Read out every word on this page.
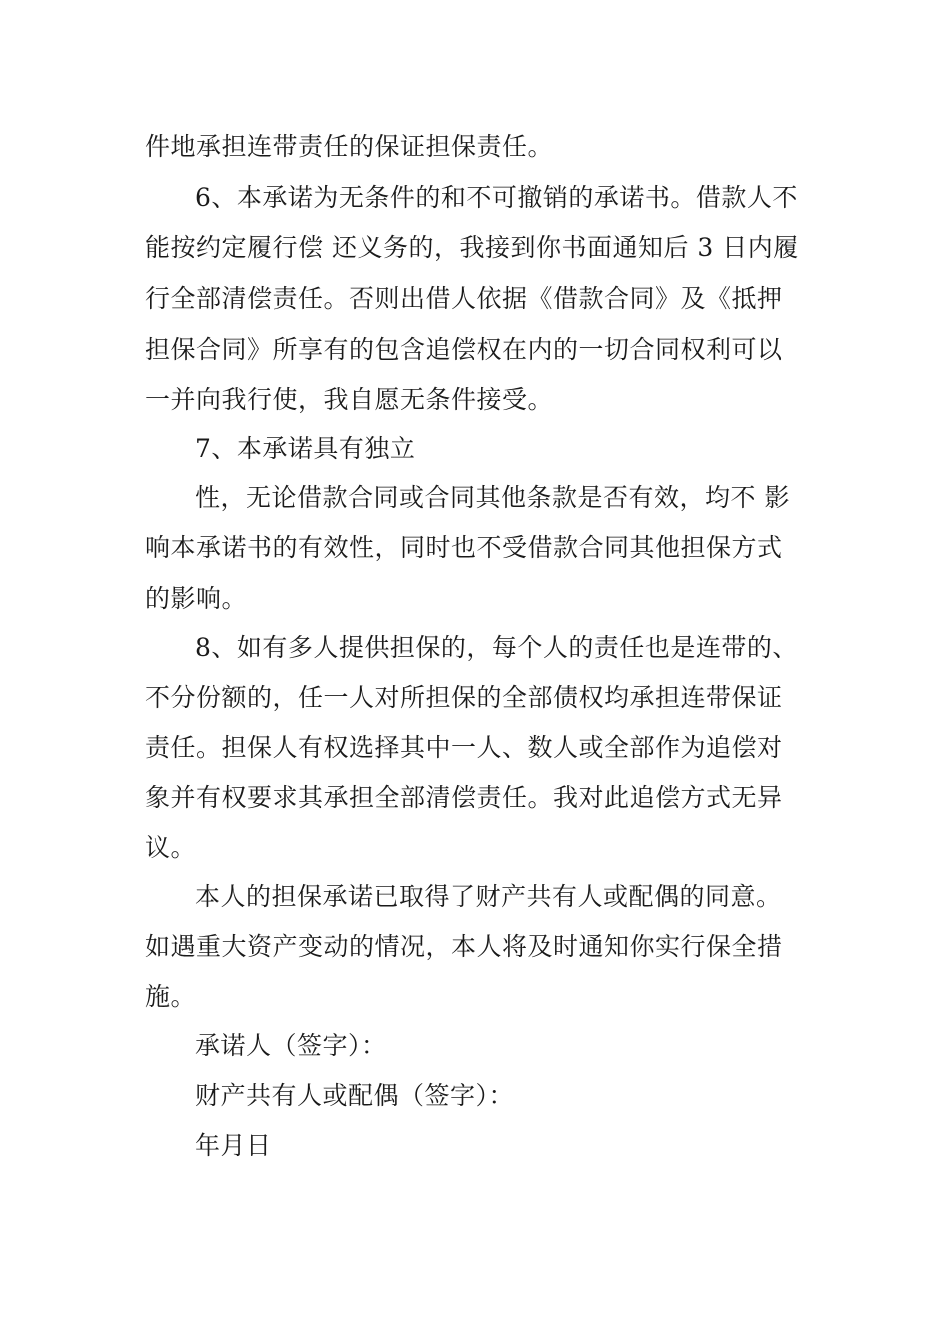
件地承担连带责任的保证担保责任。
6、本承诺为无条件的和不可撤销的承诺书。借款人不
能按约定履行偿 还义务的，我接到你书面通知后 3 日内履
行全部清偿责任。否则出借人依据《借款合同》及《抵押
担保合同》所享有的包含追偿权在内的一切合同权利可以
一并向我行使，我自愿无条件接受。
7、本承诺具有独立
性，无论借款合同或合同其他条款是否有效，均不 影
响本承诺书的有效性，同时也不受借款合同其他担保方式
的影响。
8、如有多人提供担保的，每个人的责任也是连带的、
不分份额的，任一人对所担保的全部债权均承担连带保证
责任。担保人有权选择其中一人、数人或全部作为追偿对
象并有权要求其承担全部清偿责任。我对此追偿方式无异
议。
本人的担保承诺已取得了财产共有人或配偶的同意。
如遇重大资产变动的情况，本人将及时通知你实行保全措
施。
承诺人（签字）：
财产共有人或配偶（签字）：
年月日
